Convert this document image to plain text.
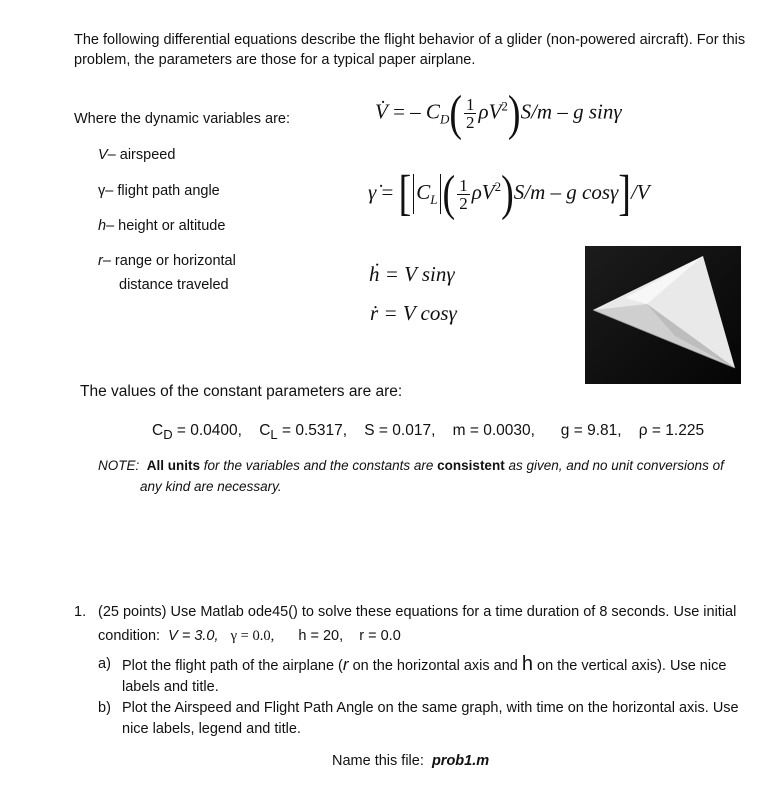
The following differential equations describe the flight behavior of a glider (non-powered aircraft). For this
problem, the parameters are those for a typical paper airplane.
Where the dynamic variables are:
V– airspeed
γ– flight path angle
h– height or altitude
r– range or horizontal
distance traveled
V̇ = – $C_D( \frac{1}{2} \rho V^2)S/m$ – g sinγ
γ̇ = [ $C_L$ ( $\frac{1}{2} \rho V^2)S/m$ – g cosγ]/V
ḣ = V sinγ
ṙ = V cosγ
The values of the constant parameters are are:
$C_D = 0.0400$, $C_L = 0.5317$, S = 0.017, m = 0.0030, g = 9.81, ρ = 1.225
NOTE: All units for the variables and the constants are consistent as given, and no unit conversions of
any kind are necessary.
1. (25 points) Use Matlab ode45() to solve these equations for a time duration of 8 seconds. Use initial
condition: V = 3.0, γ = 0.0, h = 20, r = 0.0
a) Plot the flight path of the airplane (r on the horizontal axis and h on the vertical axis). Use nice
labels and title.
b) Plot the Airspeed and Flight Path Angle on the same graph, with time on the horizontal axis. Use
nice labels, legend and title.
Name this file: prob1.m
